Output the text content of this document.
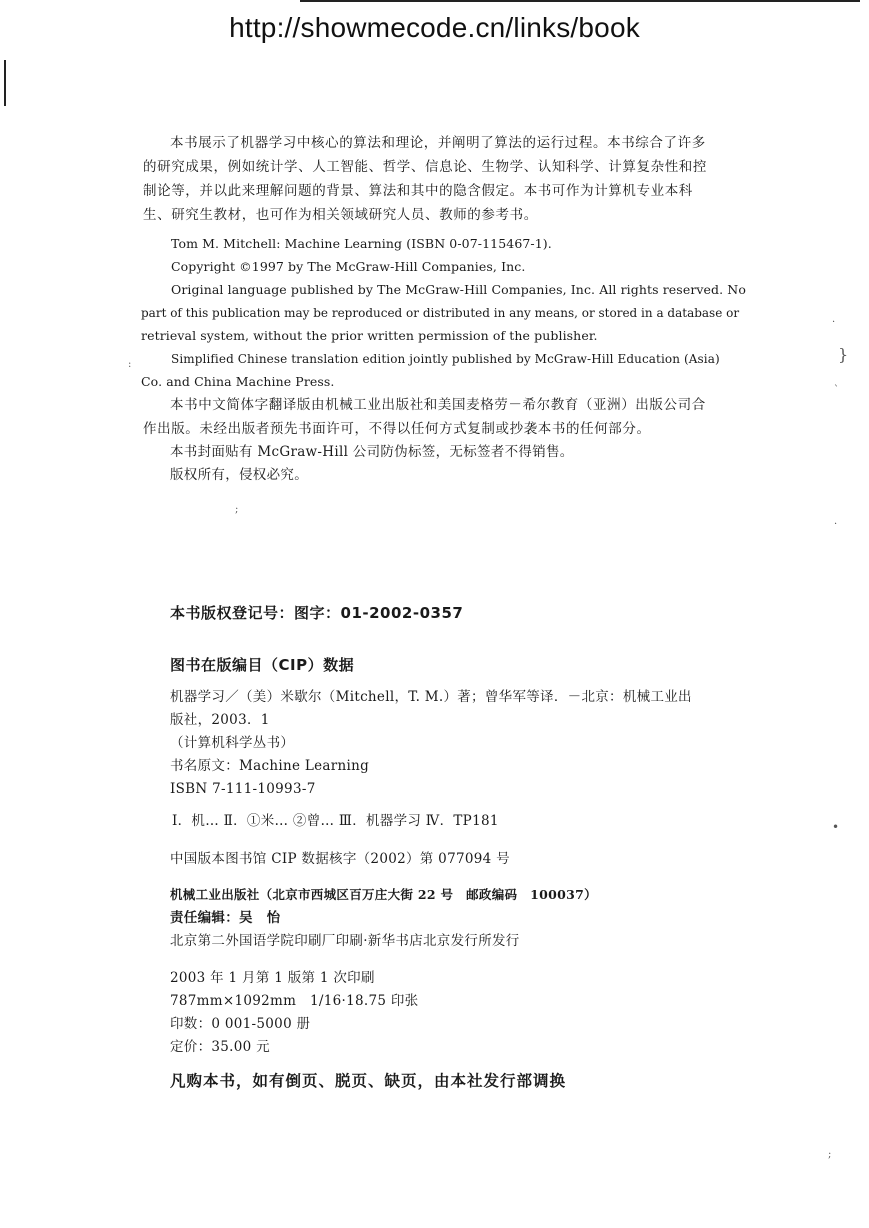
http://showmecode.cn/links/book
·
}
`
·
•
:
;
;
本书展示了机器学习中核心的算法和理论，并阐明了算法的运行过程。本书综合了许多的研究成果，例如统计学、人工智能、哲学、信息论、生物学、认知科学、计算复杂性和控制论等，并以此来理解问题的背景、算法和其中的隐含假定。本书可作为计算机专业本科生、研究生教材，也可作为相关领域研究人员、教师的参考书。
Tom M. Mitchell: Machine Learning (ISBN 0-07-115467-1).
Copyright ©1997 by The McGraw-Hill Companies, Inc.
Original language published by The McGraw-Hill Companies, Inc. All rights reserved. No
part of this publication may be reproduced or distributed in any means, or stored in a database or
retrieval system, without the prior written permission of the publisher.
Simplified Chinese translation edition jointly published by McGraw-Hill Education (Asia)
Co. and China Machine Press.
本书中文简体字翻译版由机械工业出版社和美国麦格劳－希尔教育（亚洲）出版公司合作出版。未经出版者预先书面许可，不得以任何方式复制或抄袭本书的任何部分。
本书封面贴有 McGraw-Hill 公司防伪标签，无标签者不得销售。
版权所有，侵权必究。
本书版权登记号：图字：01-2002-0357
图书在版编目（CIP）数据
机器学习／（美）米歇尔（Mitchell，T. M.）著；曾华军等译．－北京：机械工业出
版社，2003．1
（计算机科学丛书）
书名原文：Machine Learning
ISBN 7-111-10993-7
Ⅰ．机… Ⅱ．①米… ②曾… Ⅲ．机器学习 Ⅳ．TP181
中国版本图书馆 CIP 数据核字（2002）第 077094 号
机械工业出版社（北京市西城区百万庄大街 22 号　邮政编码　100037）
责任编辑：吴　怡
北京第二外国语学院印刷厂印刷·新华书店北京发行所发行
2003 年 1 月第 1 版第 1 次印刷
787mm×1092mm　1/16·18.75 印张
印数：0 001-5000 册
定价：35.00 元
凡购本书，如有倒页、脱页、缺页，由本社发行部调换
